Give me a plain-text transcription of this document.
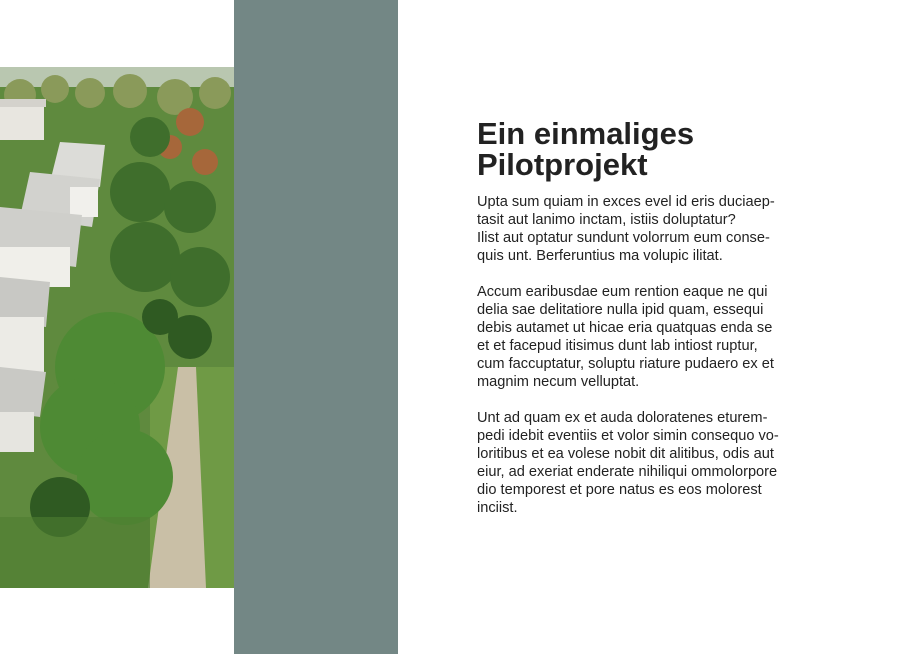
Ein einmaliges
Pilotprojekt

Upta sum quiam in exces evel id eris duciaep-
tasit aut lanimo inctam, istiis doluptatur?
Ilist aut optatur sundunt volorrum eum conse-
quis unt. Berferuntius ma volupic ilitat.

Accum earibusdae eum rention eaque ne qui
delia sae delitatiore nulla ipid quam, essequi
debis autamet ut hicae eria quatquas enda se
et et facepud itisimus dunt lab intiost ruptur,
cum faccuptatur, soluptu riature pudaero ex et
magnim necum velluptat.

Unt ad quam ex et auda doloratenes eturem-
pedi idebit eventiis et volor simin consequo vo-
loritibus et ea volese nobit dit alitibus, odis aut
eiur, ad exeriat enderate nihiliqui ommolorpore
dio temporest et pore natus es eos molorest
inciist.
